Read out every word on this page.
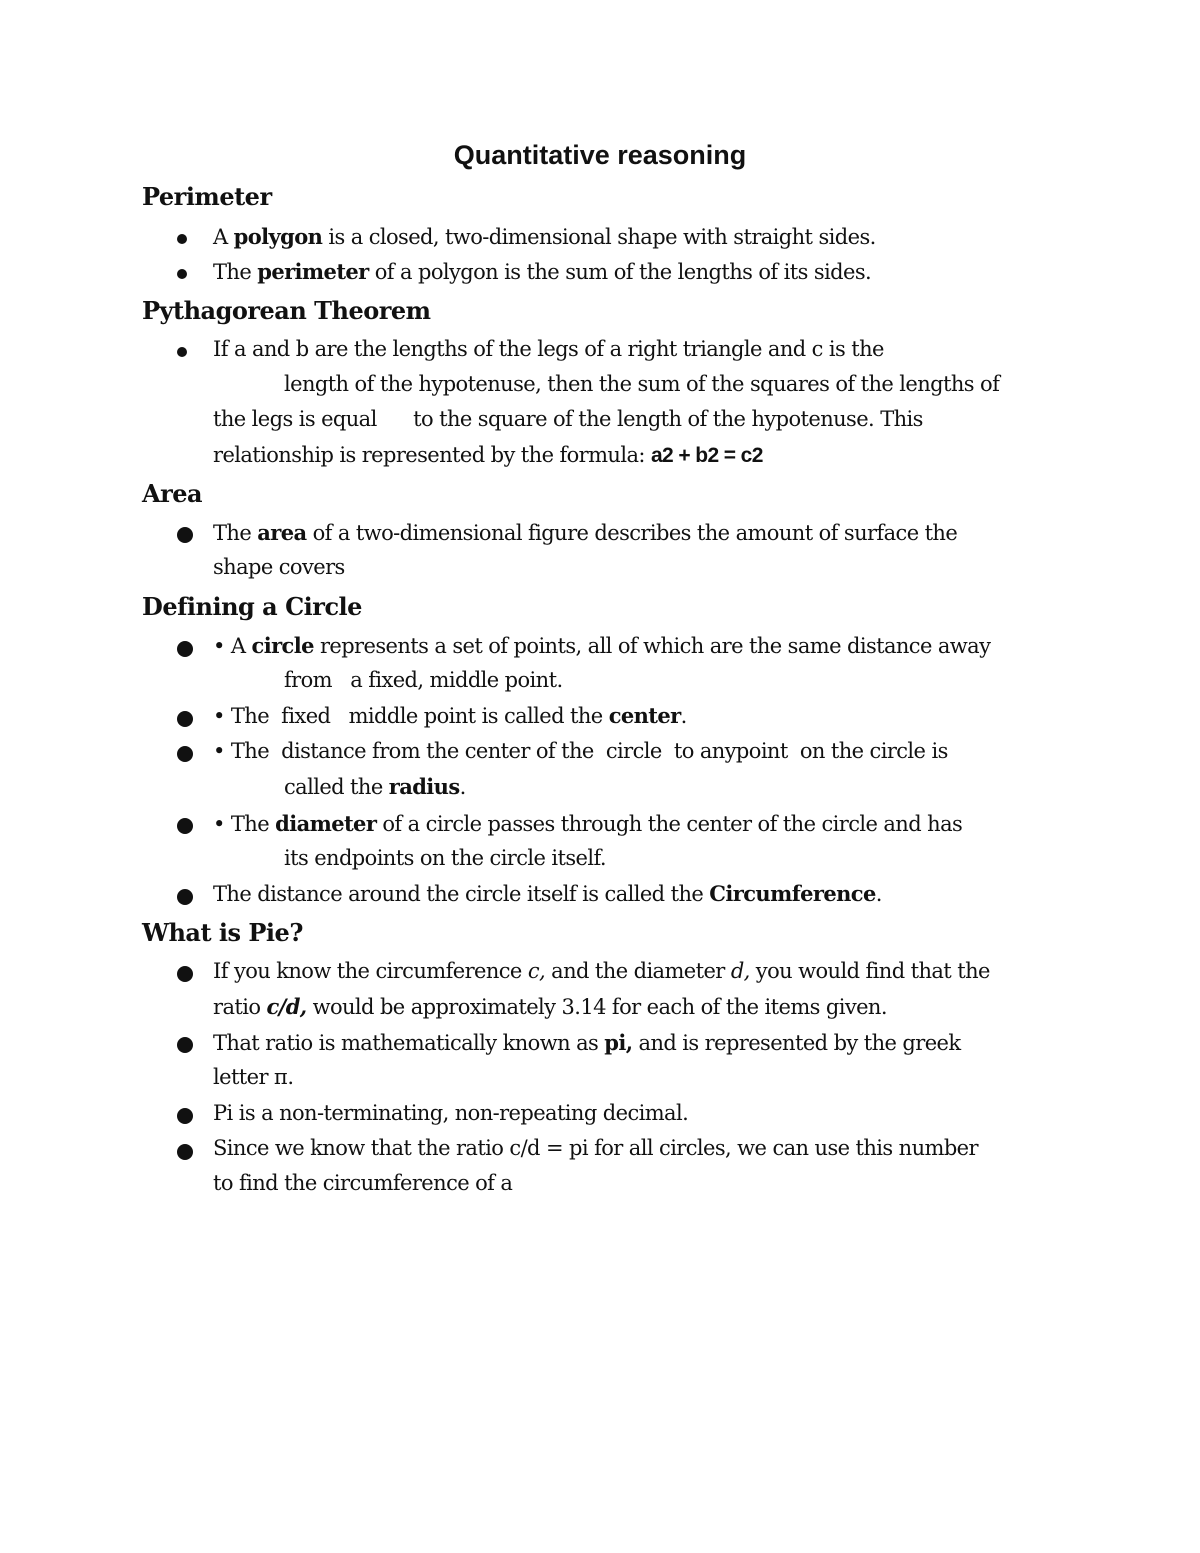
Quantitative reasoning
Perimeter
A polygon is a closed, two-dimensional shape with straight sides.
The perimeter of a polygon is the sum of the lengths of its sides.
Pythagorean Theorem
If a and b are the lengths of the legs of a right triangle and c is the
length of the hypotenuse, then the sum of the squares of the lengths of
the legs is equal      to the square of the length of the hypotenuse. This
relationship is represented by the formula: a2 + b2 = c2
Area
The area of a two-dimensional figure describes the amount of surface the
shape covers
Defining a Circle
• A circle represents a set of points, all of which are the same distance away
from   a fixed, middle point.
• The  fixed   middle point is called the center.
• The  distance from the center of the  circle  to anypoint  on the circle is
called the radius.
• The diameter of a circle passes through the center of the circle and has
its endpoints on the circle itself.
The distance around the circle itself is called the Circumference.
What is Pie?
If you know the circumference c, and the diameter d, you would find that the
ratio c/d, would be approximately 3.14 for each of the items given.
That ratio is mathematically known as pi, and is represented by the greek
letter п.
Pi is a non-terminating, non-repeating decimal.
Since we know that the ratio c/d = pi for all circles, we can use this number
to find the circumference of a
